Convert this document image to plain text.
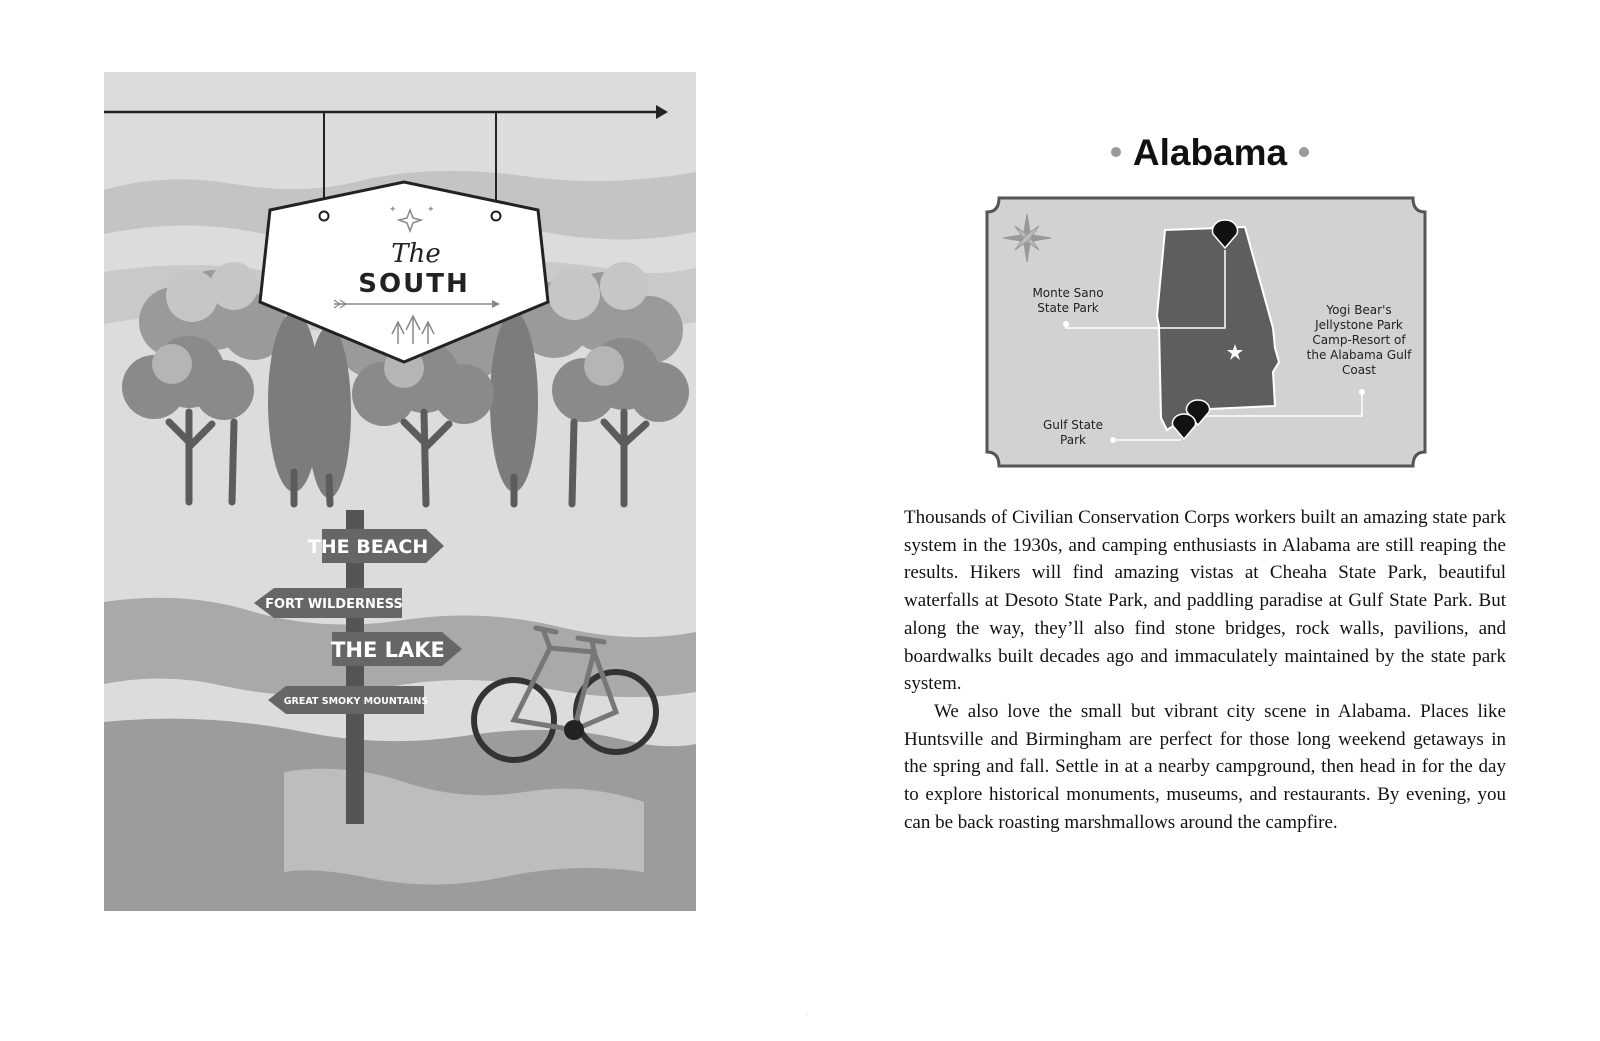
✦	✦
The
SOUTH
THE BEACH
FORT WILDERNESS
THE LAKE
GREAT SMOKY MOUNTAINS
Alabama
Monte Sano
State Park	Yogi Bear's
Jellystone Park
Camp-Resort of
the Alabama Gulf
Coast
Gulf State
Park

Thousands of Civilian Conservation Corps workers built an amazing state park system in the 1930s, and camping enthusiasts in Alabama are still reaping the results. Hikers will find amazing vistas at Cheaha State Park, beautiful waterfalls at Desoto State Park, and paddling paradise at Gulf State Park. But along the way, they’ll also find stone bridges, rock walls, pavilions, and boardwalks built decades ago and immaculately maintained by the state park system.

We also love the small but vibrant city scene in Alabama. Places like Huntsville and Birmingham are perfect for those long weekend getaways in the spring and fall. Settle in at a nearby campground, then head in for the day to explore historical monuments, museums, and restaurants. By evening, you can be back roasting marshmallows around the campfire.

.
